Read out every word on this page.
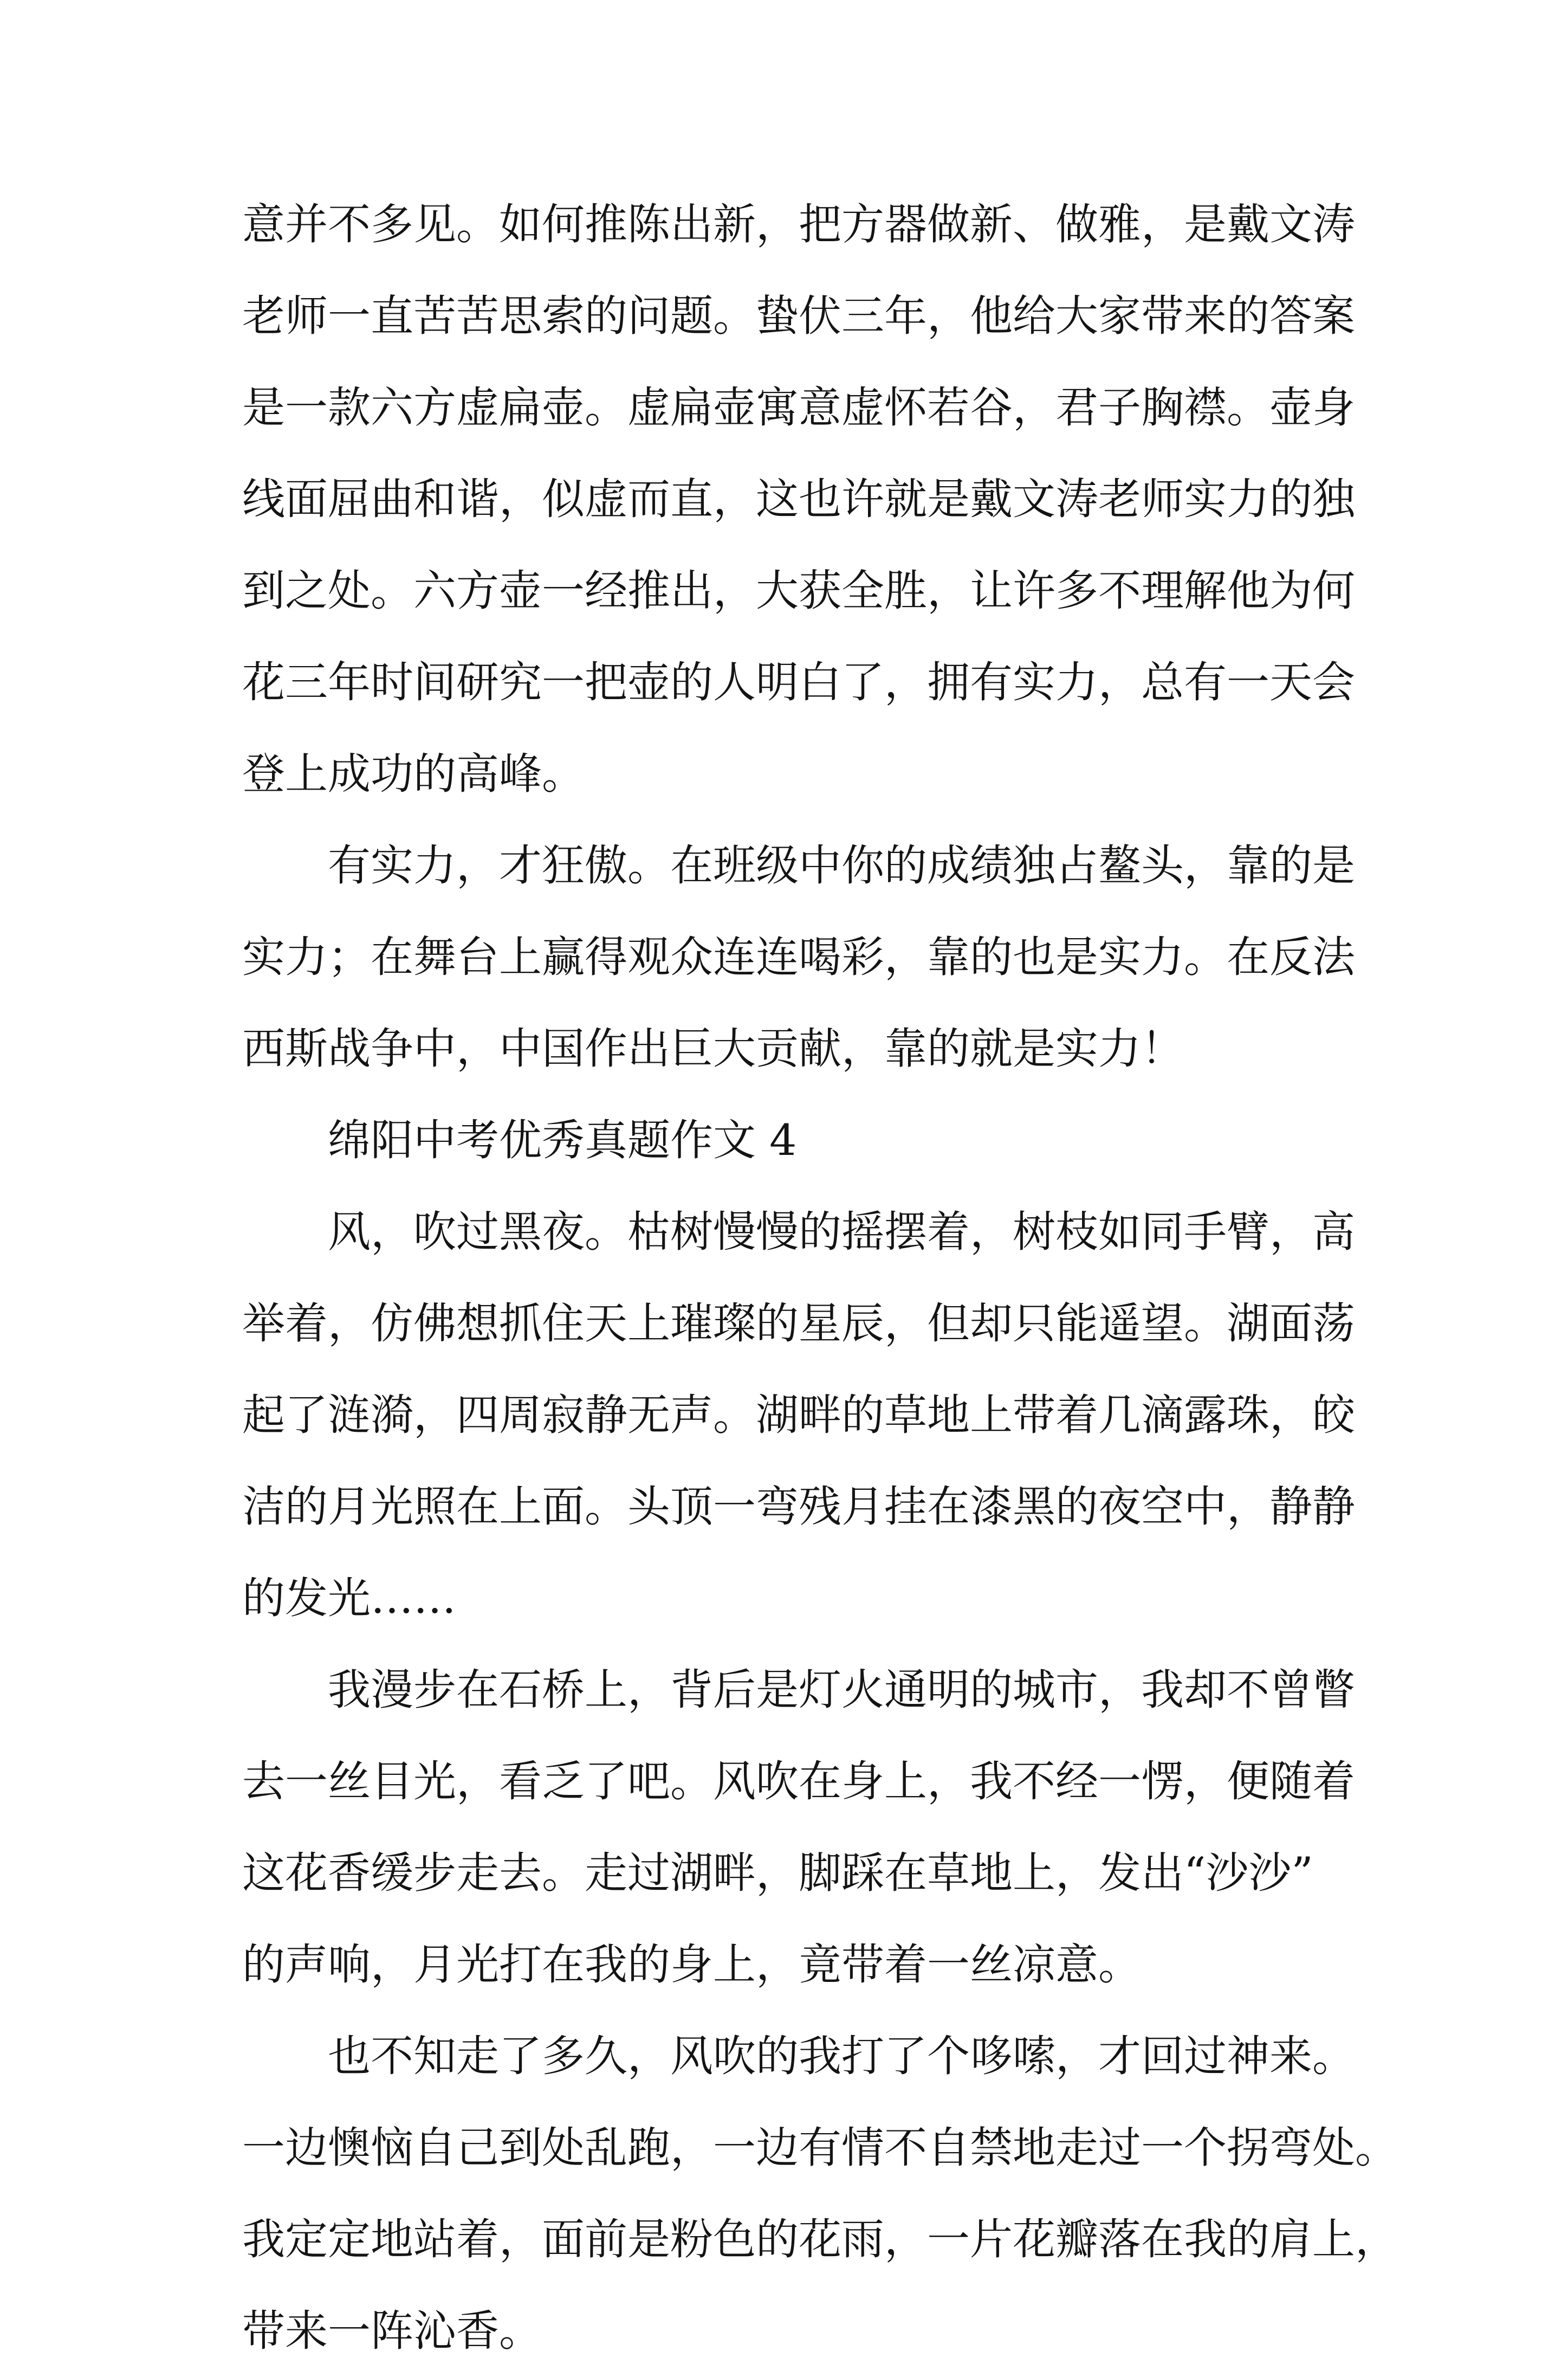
意并不多见。如何推陈出新，把方器做新、做雅，是戴文涛
老师一直苦苦思索的问题。蛰伏三年，他给大家带来的答案
是一款六方虚扁壶。虚扁壶寓意虚怀若谷，君子胸襟。壶身
线面屈曲和谐，似虚而直，这也许就是戴文涛老师实力的独
到之处。六方壶一经推出，大获全胜，让许多不理解他为何
花三年时间研究一把壶的人明白了，拥有实力，总有一天会
登上成功的高峰。
有实力，才狂傲。在班级中你的成绩独占鳌头，靠的是
实力；在舞台上赢得观众连连喝彩，靠的也是实力。在反法
西斯战争中，中国作出巨大贡献，靠的就是实力！
绵阳中考优秀真题作文 4
风，吹过黑夜。枯树慢慢的摇摆着，树枝如同手臂，高
举着，仿佛想抓住天上璀璨的星辰，但却只能遥望。湖面荡
起了涟漪，四周寂静无声。湖畔的草地上带着几滴露珠，皎
洁的月光照在上面。头顶一弯残月挂在漆黑的夜空中，静静
的发光……
我漫步在石桥上，背后是灯火通明的城市，我却不曾瞥
去一丝目光，看乏了吧。风吹在身上，我不经一愣，便随着
这花香缓步走去。走过湖畔，脚踩在草地上，发出“沙沙”
的声响，月光打在我的身上，竟带着一丝凉意。
也不知走了多久，风吹的我打了个哆嗦，才回过神来。
一边懊恼自己到处乱跑，一边有情不自禁地走过一个拐弯处。
我定定地站着，面前是粉色的花雨，一片花瓣落在我的肩上，
带来一阵沁香。
